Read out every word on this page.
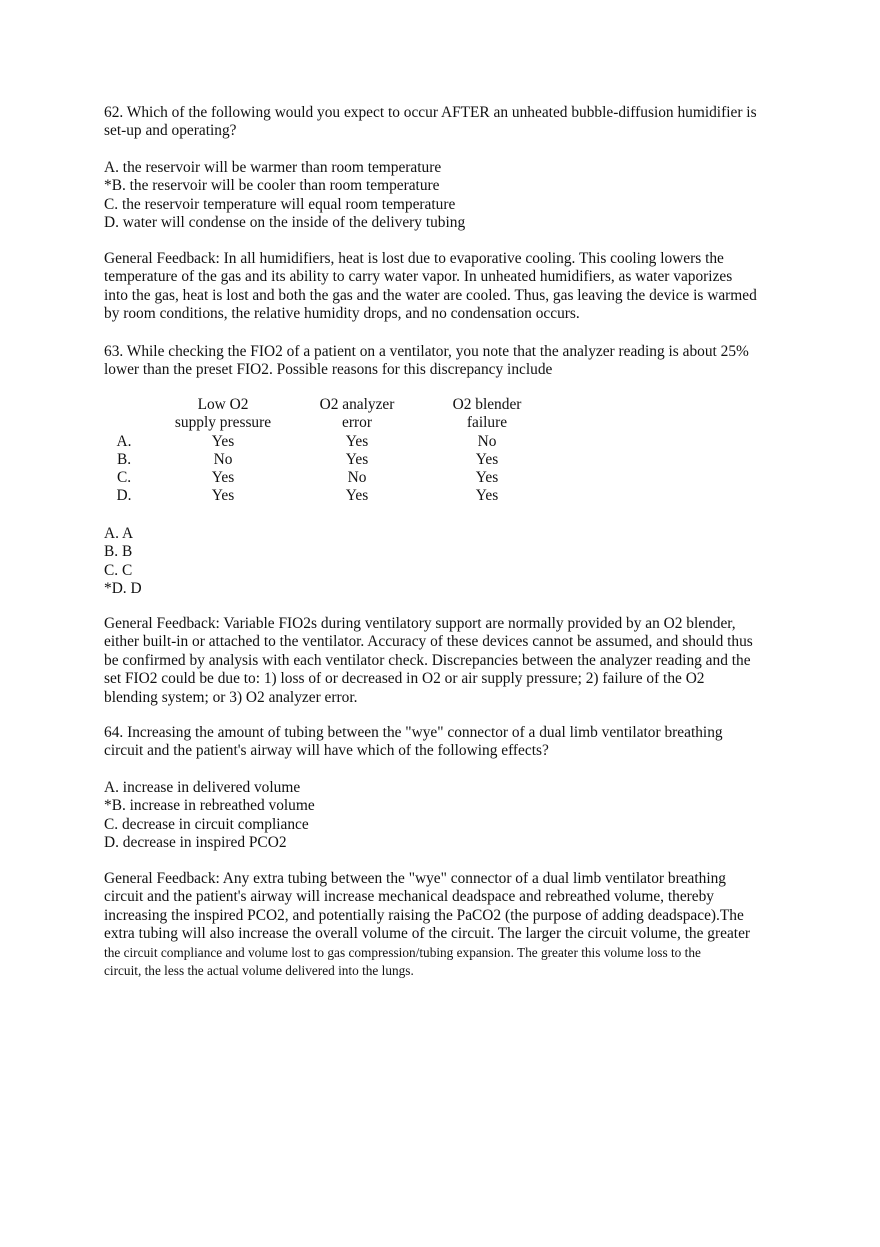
62. Which of the following would you expect to occur AFTER an unheated bubble-diffusion humidifier is
set-up and operating?
A. the reservoir will be warmer than room temperature
*B. the reservoir will be cooler than room temperature
C. the reservoir temperature will equal room temperature
D. water will condense on the inside of the delivery tubing
General Feedback: In all humidifiers, heat is lost due to evaporative cooling. This cooling lowers the
temperature of the gas and its ability to carry water vapor. In unheated humidifiers, as water vaporizes
into the gas, heat is lost and both the gas and the water are cooled. Thus, gas leaving the device is warmed
by room conditions, the relative humidity drops, and no condensation occurs.
63. While checking the FIO2 of a patient on a ventilator, you note that the analyzer reading is about 25%
lower than the preset FIO2. Possible reasons for this discrepancy include
	Low O2	O2 analyzer	O2 blender
	supply pressure	error	failure
A.	Yes	Yes	No
B.	No	Yes	Yes
C.	Yes	No	Yes
D.	Yes	Yes	Yes
A. A
B. B
C. C
*D. D
General Feedback: Variable FIO2s during ventilatory support are normally provided by an O2 blender,
either built-in or attached to the ventilator. Accuracy of these devices cannot be assumed, and should thus
be confirmed by analysis with each ventilator check. Discrepancies between the analyzer reading and the
set FIO2 could be due to: 1) loss of or decreased in O2 or air supply pressure; 2) failure of the O2
blending system; or 3) O2 analyzer error.
64. Increasing the amount of tubing between the "wye" connector of a dual limb ventilator breathing
circuit and the patient's airway will have which of the following effects?
A. increase in delivered volume
*B. increase in rebreathed volume
C. decrease in circuit compliance
D. decrease in inspired PCO2
General Feedback: Any extra tubing between the "wye" connector of a dual limb ventilator breathing
circuit and the patient's airway will increase mechanical deadspace and rebreathed volume, thereby
increasing the inspired PCO2, and potentially raising the PaCO2 (the purpose of adding deadspace).The
extra tubing will also increase the overall volume of the circuit. The larger the circuit volume, the greater
the circuit compliance and volume lost to gas compression/tubing expansion. The greater this volume loss to the
circuit, the less the actual volume delivered into the lungs.
